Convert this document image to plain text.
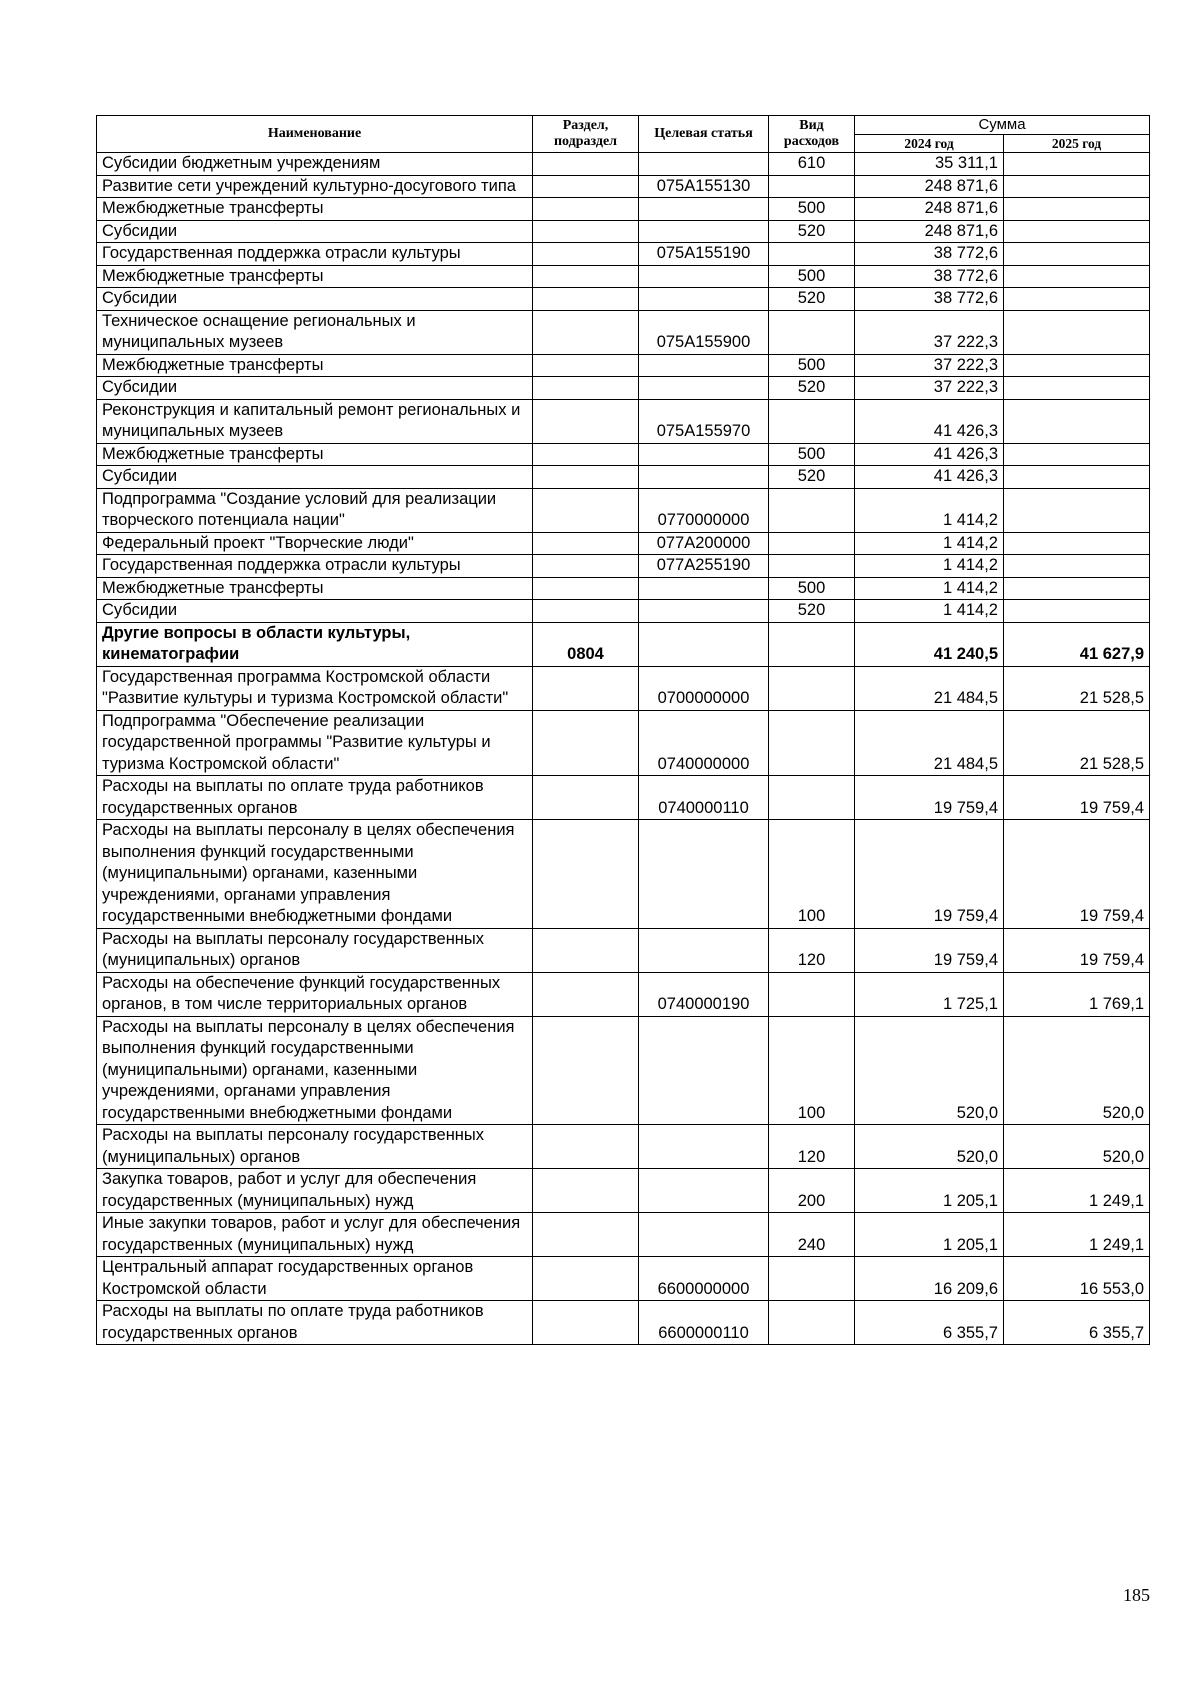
Наименование	Раздел, подраздел	Целевая статья	Вид расходов	Сумма	
				2024 год	2025 год
Субсидии бюджетным учреждениям			610	35 311,1	
Развитие сети учреждений культурно-досугового типа		075А155130		248 871,6	
Межбюджетные трансферты			500	248 871,6	
Субсидии			520	248 871,6	
Государственная поддержка отрасли культуры		075А155190		38 772,6	
Межбюджетные трансферты			500	38 772,6	
Субсидии			520	38 772,6	
Техническое оснащение региональных и муниципальных музеев		075А155900		37 222,3	
Межбюджетные трансферты			500	37 222,3	
Субсидии			520	37 222,3	
Реконструкция и капитальный ремонт региональных и муниципальных музеев		075А155970		41 426,3	
Межбюджетные трансферты			500	41 426,3	
Субсидии			520	41 426,3	
Подпрограмма "Создание условий для реализации творческого потенциала нации"		0770000000		1 414,2	
Федеральный проект "Творческие люди"		077А200000		1 414,2	
Государственная поддержка отрасли культуры		077А255190		1 414,2	
Межбюджетные трансферты			500	1 414,2	
Субсидии			520	1 414,2	
Другие вопросы в области культуры, кинематографии	0804			41 240,5	41 627,9
Государственная программа Костромской области "Развитие культуры и туризма Костромской области"		0700000000		21 484,5	21 528,5
Подпрограмма "Обеспечение реализации государственной программы "Развитие культуры и туризма Костромской области"		0740000000		21 484,5	21 528,5
Расходы на выплаты по оплате труда работников государственных органов		0740000110		19 759,4	19 759,4
Расходы на выплаты персоналу в целях обеспечения выполнения функций государственными (муниципальными) органами, казенными учреждениями, органами управления государственными внебюджетными фондами			100	19 759,4	19 759,4
Расходы на выплаты персоналу государственных (муниципальных) органов			120	19 759,4	19 759,4
Расходы на обеспечение функций государственных органов, в том числе территориальных органов		0740000190		1 725,1	1 769,1
Расходы на выплаты персоналу в целях обеспечения выполнения функций государственными (муниципальными) органами, казенными учреждениями, органами управления государственными внебюджетными фондами			100	520,0	520,0
Расходы на выплаты персоналу государственных (муниципальных) органов			120	520,0	520,0
Закупка товаров, работ и услуг для обеспечения государственных (муниципальных) нужд			200	1 205,1	1 249,1
Иные закупки товаров, работ и услуг для обеспечения государственных (муниципальных) нужд			240	1 205,1	1 249,1
Центральный аппарат государственных органов Костромской области		6600000000		16 209,6	16 553,0
Расходы на выплаты по оплате труда работников государственных органов		6600000110		6 355,7	6 355,7
185
